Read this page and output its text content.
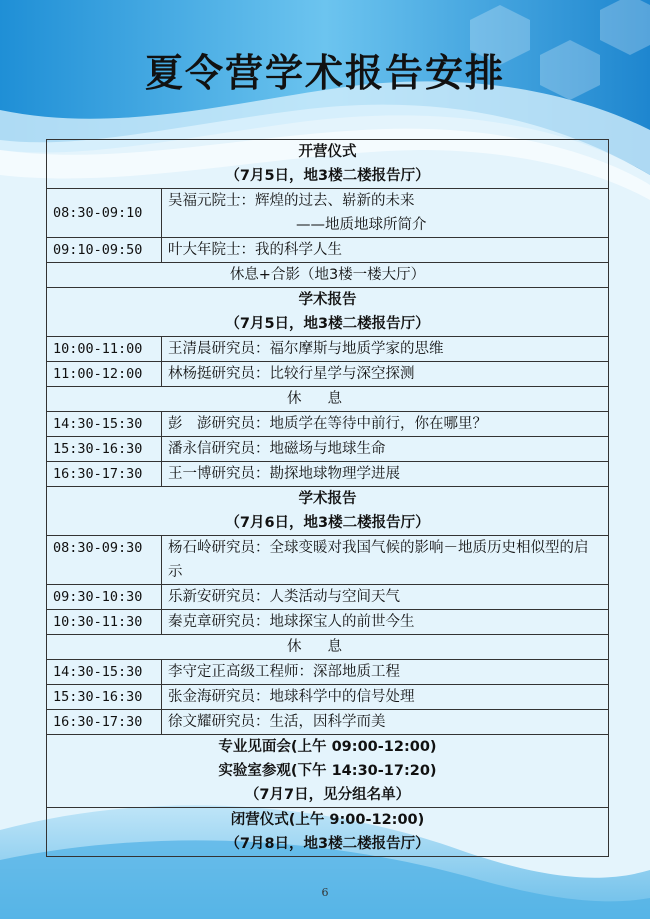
夏令营学术报告安排
开营仪式
（7月5日，地3楼二楼报告厅）	

08:30-09:10	吴福元院士：辉煌的过去、崭新的未来
——地质地球所简介

09:10-09:50	叶大年院士：我的科学人生
休息+合影（地3楼一楼大厅）	

学术报告
（7月5日，地3楼二楼报告厅）	

10:00-11:00	王清晨研究员：福尔摩斯与地质学家的思维
11:00-12:00	林杨挺研究员：比较行星学与深空探测
休息	
14:30-15:30	彭　澎研究员：地质学在等待中前行，你在哪里？
15:30-16:30	潘永信研究员：地磁场与地球生命
16:30-17:30	王一博研究员：勘探地球物理学进展

学术报告
（7月6日，地3楼二楼报告厅）	

08:30-09:30	杨石岭研究员：全球变暖对我国气候的影响－地质历史相似型的启示
09:30-10:30	乐新安研究员：人类活动与空间天气
10:30-11:30	秦克章研究员：地球探宝人的前世今生
休息	
14:30-15:30	李守定正高级工程师：深部地质工程
15:30-16:30	张金海研究员：地球科学中的信号处理
16:30-17:30	徐文耀研究员：生活，因科学而美

专业见面会(上午 09:00-12:00)
实验室参观(下午 14:30-17:20)
（7月7日，见分组名单）	

闭营仪式(上午 9:00-12:00)
（7月8日，地3楼二楼报告厅）	
6
